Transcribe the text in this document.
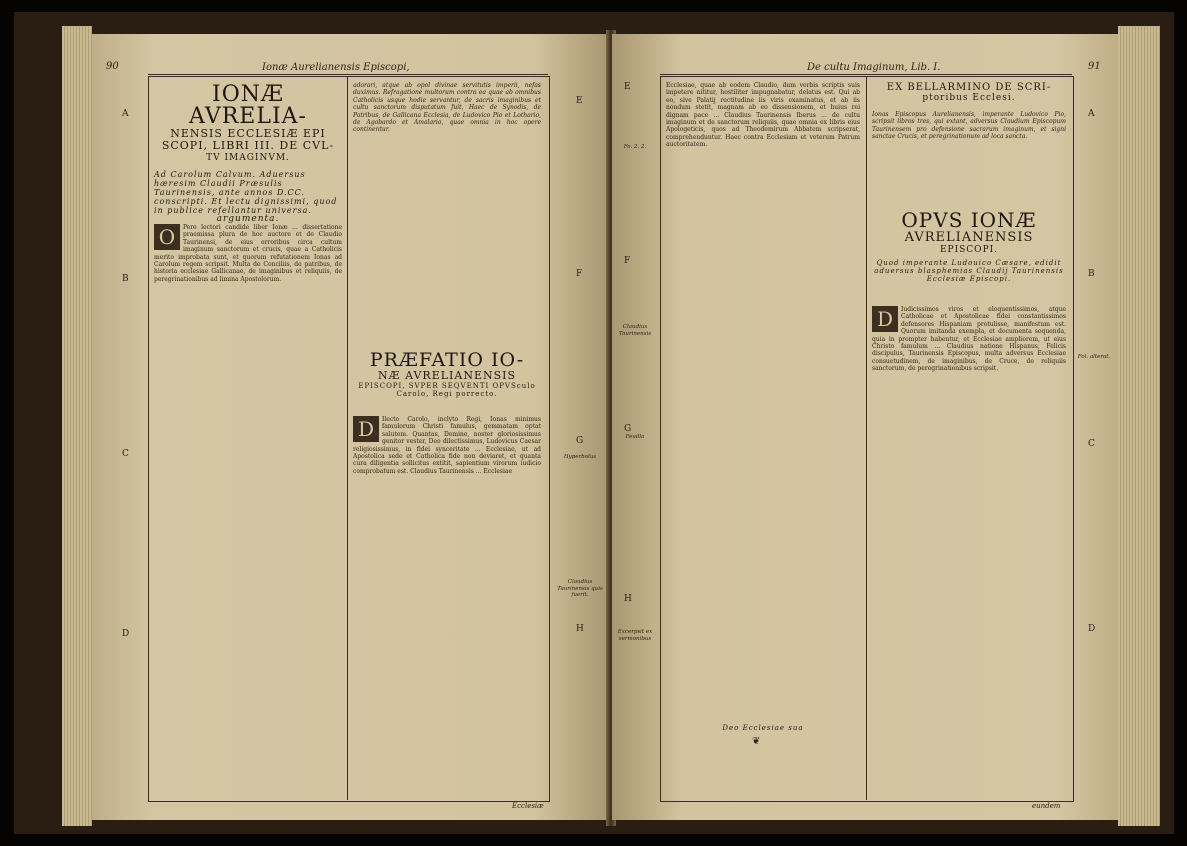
90	Ionæ Aurelianensis Episcopi,
A
B
C
D
E
F
G
H
Claudius Taurinensis quis fuerit.
Hyperbolus
IONÆ AVRELIA-
NENSIS ECCLESIÆ EPI
SCOPI, LIBRI III. DE CVL-
TV IMAGINVM.
Ad Carolum Calvum. Aduersus hæresim Claudii Præsulis Taurinensis, ante annos D.CC. conscripti. Et lectu dignissimi, quod in publice refellantur universa.
argumenta.
O	Pere lectori candide liber Ionæ ... dissertatione praemissa plura de hoc auctore et de Claudio Taurinensi, de eius erroribus circa cultum imaginum sanctorum et crucis, quae a Catholicis merito improbata sunt, et quorum refutationem Ionas ad Carolum regem scripsit. Multa de Conciliis, de patribus, de historia ecclesiae Gallicanae, de imaginibus et reliquiis, de peregrinationibus ad limina Apostolorum.
adorari, atque ab opol divinae servitutis imperii, nefas duximus. Refragatione multorum contra ea quae ab omnibus Catholicis usque hodie servantur, de sacris imaginibus et cultu sanctorum disputatum fuit. Haec de Synodis, de Patribus, de Gallicana Ecclesia, de Ludovico Pio et Lothario, de Agobardo et Amalario, quae omnia in hoc opere continentur.
PRÆFATIO IO-
NÆ AVRELIANENSIS
EPISCOPI, SVPER SEQVENTI OPVSculo Carolo, Regi porrecto.
D	Ilecto Carolo, inclyto Regi, Ionas minimus famulorum Christi famulus, gemmatam optat salutem. Quantas, Domine, noster gloriosissimus genitor vester, Deo dilectissimus, Ludovicus Caesar religiosissimus, in fidei synceritate ... Ecclesiae, ut ad Apostolica sede et Catholica fide non deviaret, et quanta cura diligentia sollicitus extitit, sapientium virorum iudicio comprobatum est. Claudius Taurinensis ... Ecclesiae
Ecclesiæ
De cultu Imaginum, Lib. I.	91
E
F
G
H
A
B
C
D
Fo. 2. 2.
Feuilla
Claudius Taurinensis
Excerpsit ex sermonibus
Fol. alterat.
Ecclesiae, quae ab eodem Claudio, dum verbis scriptis suis impetere nititur, hostiliter impugnabatur, delatus est. Qui ab eo, sive Palatij rectitudine iis viris examinatus, et ab iis nondum stetit, magnam ab eo dissensionem, et huius rei dignam pace ... Claudius Taurinensis Iberus ... de cultu imaginum et de sanctorum reliquiis, quae omnia ex libris eius Apologeticis, quos ad Theodemirum Abbatem scripserat, comprehenduntur. Haec contra Ecclesiam et veterum Patrum auctoritatem.
Deo Ecclesiae sua
❦
EX BELLARMINO DE SCRI-
ptoribus Ecclesi.
Ionas Episcopus Aurelianensis, imperante Ludovico Pio, scripsit libros tres, qui extant, adversus Claudium Episcopum Taurinensem pro defensione sacrarum imaginum, et signi sanctae Crucis, et peregrinationum ad loca sancta.
OPVS IONÆ
AVRELIANENSIS
EPISCOPI.
Quod imperante Ludouico Cæsare, edidit aduersus blasphemias Claudij Taurinensis Ecclesiæ Episcopi.
D	Iudicissimos viros et eloquentissimos, atque Catholicae et Apostolicae fidei constantissimos defensores Hispaniam protulisse, manifestum est. Quorum imitanda exempla, et documenta sequenda, quia in prompter habentur, et Ecclesiae ampliorem, ut eius Christo famulum ... Claudius natione Hispanus, Felicis discipulus, Taurinensis Episcopus, multa adversus Ecclesiae consuetudinem, de imaginibus, de Cruce, de reliquiis sanctorum, de peregrinationibus scripsit.
eundem
